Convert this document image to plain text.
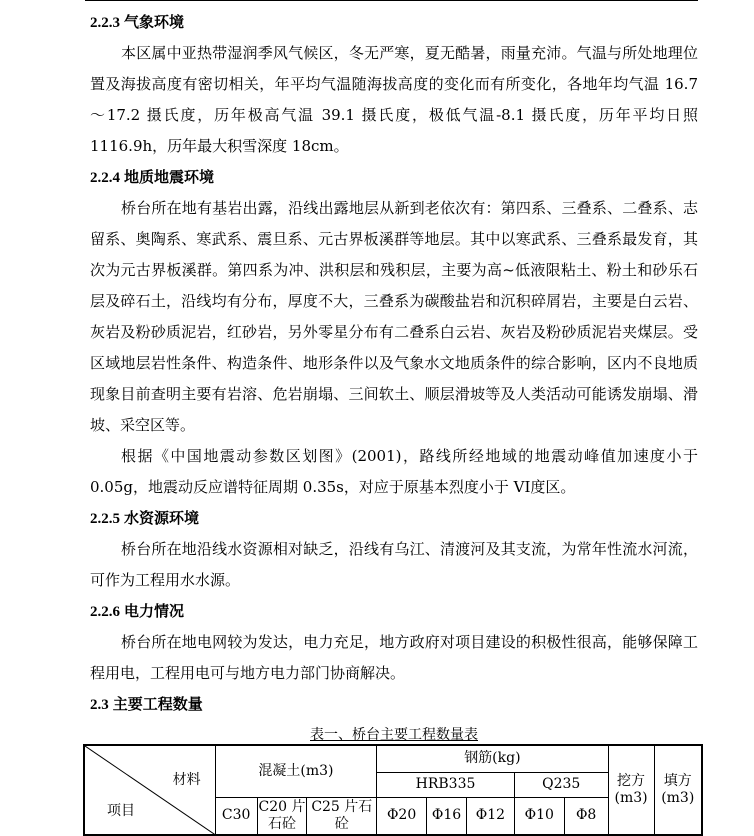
2.2.3 气象环境

本区属中亚热带湿润季风气候区，冬无严寒，夏无酷暑，雨量充沛。气温与所处地理位置及海拔高度有密切相关，年平均气温随海拔高度的变化而有所变化，各地年均气温 16.7～17.2 摄氏度，历年极高气温 39.1 摄氏度，极低气温-8.1 摄氏度，历年平均日照1116.9h，历年最大积雪深度 18cm。

2.2.4 地质地震环境

桥台所在地有基岩出露，沿线出露地层从新到老依次有：第四系、三叠系、二叠系、志留系、奥陶系、寒武系、震旦系、元古界板溪群等地层。其中以寒武系、三叠系最发育，其次为元古界板溪群。第四系为冲、洪积层和残积层，主要为高~低液限粘土、粉土和砂乐石层及碎石土，沿线均有分布，厚度不大，三叠系为碳酸盐岩和沉积碎屑岩，主要是白云岩、灰岩及粉砂质泥岩，红砂岩，另外零星分布有二叠系白云岩、灰岩及粉砂质泥岩夹煤层。受区域地层岩性条件、构造条件、地形条件以及气象水文地质条件的综合影响，区内不良地质现象目前查明主要有岩溶、危岩崩塌、三间软土、顺层滑坡等及人类活动可能诱发崩塌、滑坡、采空区等。

根据《中国地震动参数区划图》(2001)，路线所经地域的地震动峰值加速度小于0.05g，地震动反应谱特征周期 0.35s，对应于原基本烈度小于 VI度区。

2.2.5 水资源环境

桥台所在地沿线水资源相对缺乏，沿线有乌江、清渡河及其支流，为常年性流水河流，可作为工程用水水源。

2.2.6 电力情况

桥台所在地电网较为发达，电力充足，地方政府对项目建设的积极性很高，能够保障工程用电，工程用电可与地方电力部门协商解决。

2.3 主要工程数量
表一、桥台主要工程数量表
材料
项目	混凝土(m3)			钢筋(kg)					挖方(m3)	填方(m3)
				HRB335			Q235			
	C30	C20 片石砼	C25 片石砼	Φ20	Φ16	Φ12	Φ10	Φ8		
